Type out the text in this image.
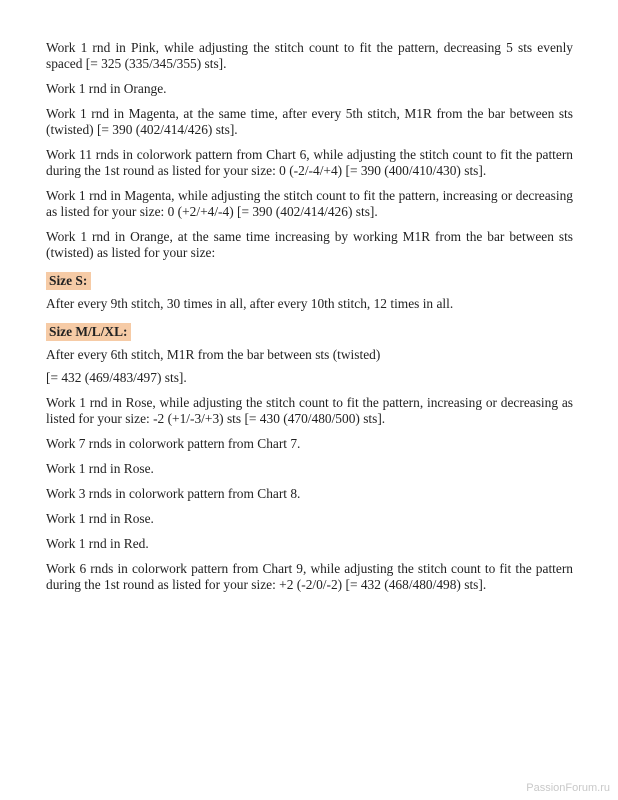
Work 1 rnd in Pink, while adjusting the stitch count to fit the pattern, decreasing 5 sts evenly spaced [= 325 (335/345/355) sts].

Work 1 rnd in Orange.

Work 1 rnd in Magenta, at the same time, after every 5th stitch, M1R from the bar between sts (twisted) [= 390 (402/414/426) sts].

Work 11 rnds in colorwork pattern from Chart 6, while adjusting the stitch count to fit the pattern during the 1st round as listed for your size: 0 (-2/-4/+4) [= 390 (400/410/430) sts].

Work 1 rnd in Magenta, while adjusting the stitch count to fit the pattern, increasing or decreasing as listed for your size: 0 (+2/+4/-4) [= 390 (402/414/426) sts].

Work 1 rnd in Orange, at the same time increasing by working M1R from the bar between sts (twisted) as listed for your size:

Size S:

After every 9th stitch, 30 times in all, after every 10th stitch, 12 times in all.

Size M/L/XL:

After every 6th stitch, M1R from the bar between sts (twisted)

[= 432 (469/483/497) sts].

Work 1 rnd in Rose, while adjusting the stitch count to fit the pattern, increasing or decreasing as listed for your size: -2 (+1/-3/+3) sts [= 430 (470/480/500) sts].

Work 7 rnds in colorwork pattern from Chart 7.

Work 1 rnd in Rose.

Work 3 rnds in colorwork pattern from Chart 8.

Work 1 rnd in Rose.

Work 1 rnd in Red.

Work 6 rnds in colorwork pattern from Chart 9, while adjusting the stitch count to fit the pattern during the 1st round as listed for your size: +2 (-2/0/-2) [= 432 (468/480/498) sts].

PassionForum.ru
